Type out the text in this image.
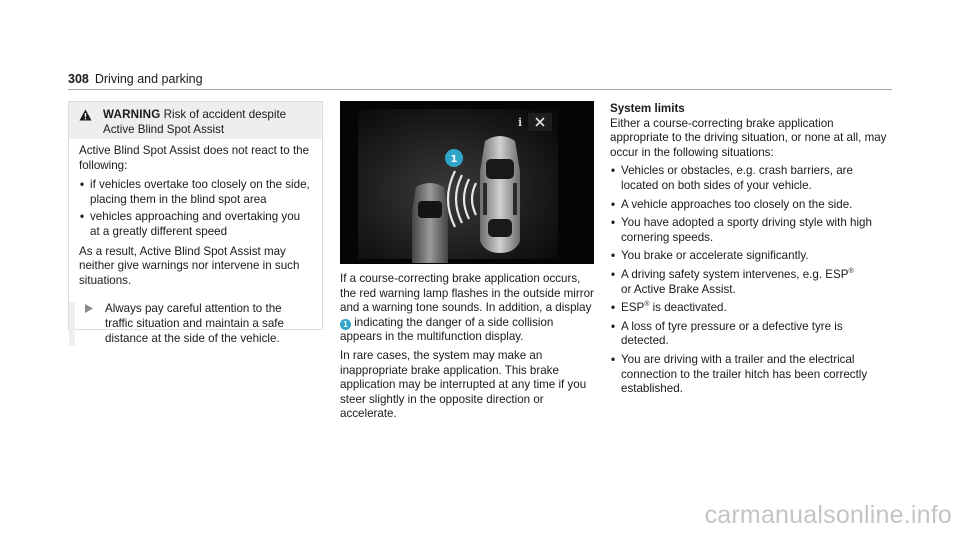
308 Driving and parking
WARNING Risk of accident despite
Active Blind Spot Assist

Active Blind Spot Assist does not react to the following:

• if vehicles overtake too closely on the side, placing them in the blind spot area
• vehicles approaching and overtaking you at a greatly different speed

As a result, Active Blind Spot Assist may neither give warnings nor intervene in such situations.

Always pay careful attention to the traffic situation and maintain a safe distance at the side of the vehicle.
i
1

If a course-correcting brake application occurs, the red warning lamp flashes in the outside mirror and a warning tone sounds. In addition, a display 1 indicating the danger of a side collision appears in the multifunction display.

In rare cases, the system may make an inappropriate brake application. This brake application may be interrupted at any time if you steer slightly in the opposite direction or accelerate.

System limits

Either a course-correcting brake application appropriate to the driving situation, or none at all, may occur in the following situations:

• Vehicles or obstacles, e.g. crash barriers, are located on both sides of your vehicle.
• A vehicle approaches too closely on the side.
• You have adopted a sporty driving style with high cornering speeds.
• You brake or accelerate significantly.
• A driving safety system intervenes, e.g. ESP®
or Active Brake Assist.
• ESP® is deactivated.
• A loss of tyre pressure or a defective tyre is detected.
• You are driving with a trailer and the electrical connection to the trailer hitch has been correctly established.
carmanualsonline.info
